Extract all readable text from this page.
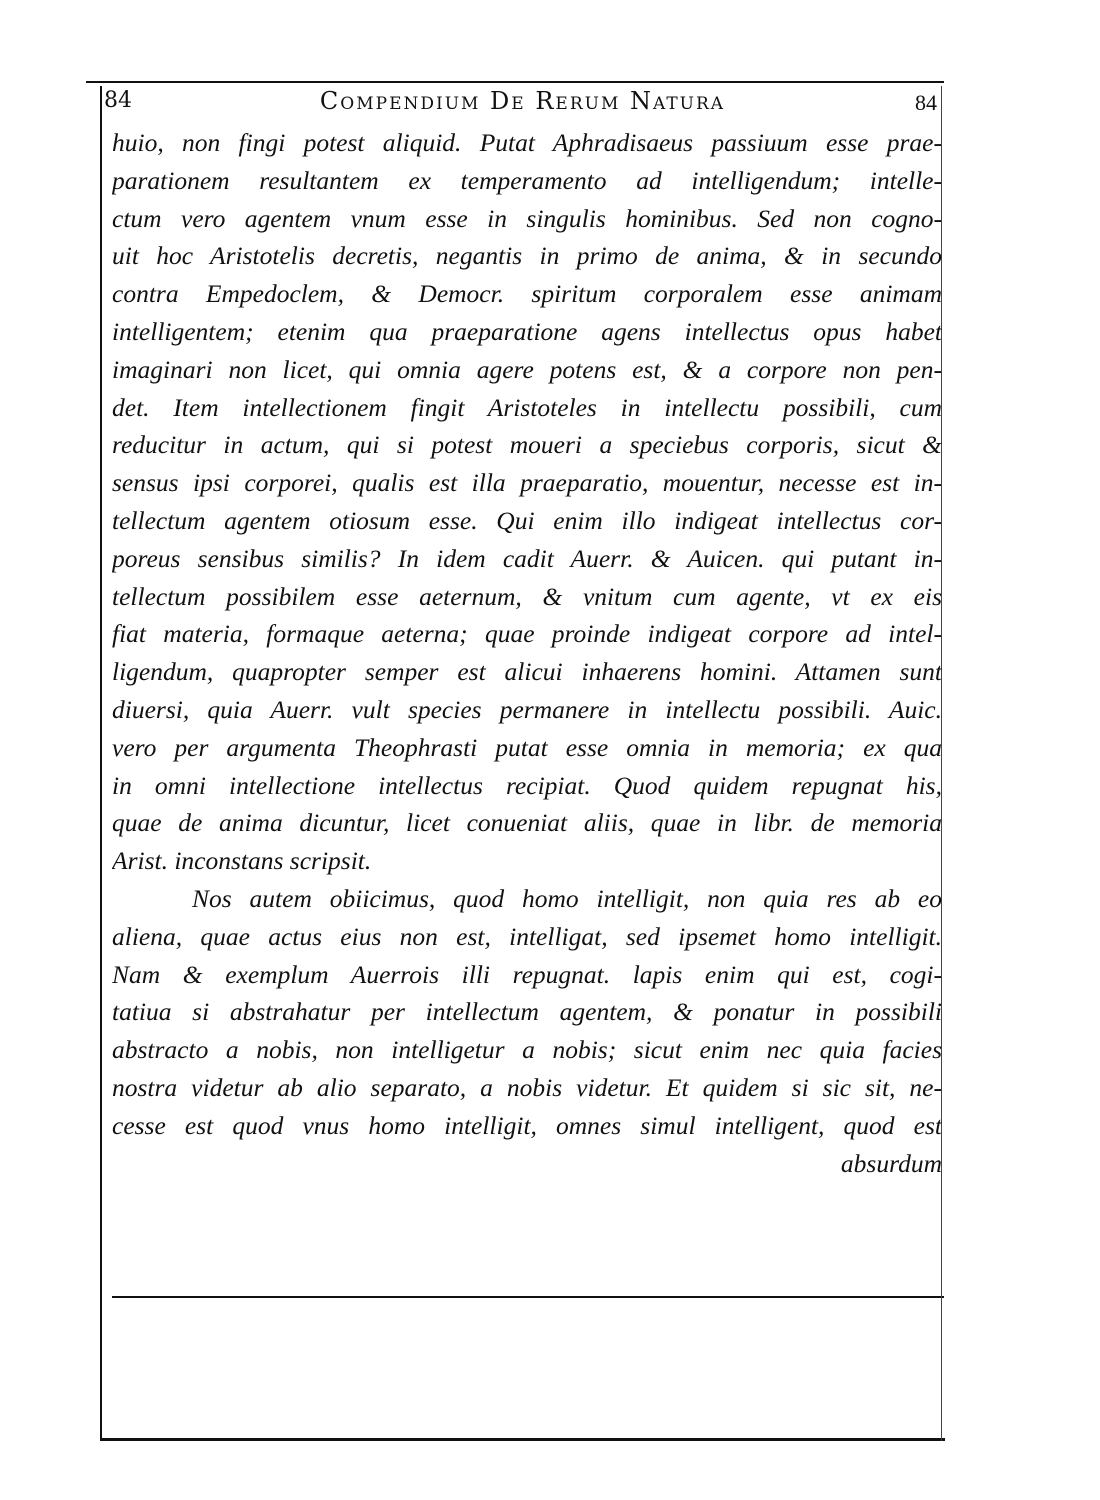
84	Compendium De Rerum Natura	84
huio, non fingi potest aliquid. Putat Aphradisaeus passiuum esse prae-
parationem resultantem ex temperamento ad intelligendum; intelle-
ctum vero agentem vnum esse in singulis hominibus. Sed non cogno-
uit hoc Aristotelis decretis, negantis in primo de anima, & in secundo
contra Empedoclem, & Democr. spiritum corporalem esse animam
intelligentem; etenim qua praeparatione agens intellectus opus habet
imaginari non licet, qui omnia agere potens est, & a corpore non pen-
det. Item intellectionem fingit Aristoteles in intellectu possibili, cum
reducitur in actum, qui si potest moueri a speciebus corporis, sicut &
sensus ipsi corporei, qualis est illa praeparatio, mouentur, necesse est in-
tellectum agentem otiosum esse. Qui enim illo indigeat intellectus cor-
poreus sensibus similis? In idem cadit Auerr. & Auicen. qui putant in-
tellectum possibilem esse aeternum, & vnitum cum agente, vt ex eis
fiat materia, formaque aeterna; quae proinde indigeat corpore ad intel-
ligendum, quapropter semper est alicui inhaerens homini. Attamen sunt
diuersi, quia Auerr. vult species permanere in intellectu possibili. Auic.
vero per argumenta Theophrasti putat esse omnia in memoria; ex qua
in omni intellectione intellectus recipiat. Quod quidem repugnat his,
quae de anima dicuntur, licet conueniat aliis, quae in libr. de memoria
Arist. inconstans scripsit.
Nos autem obiicimus, quod homo intelligit, non quia res ab eo
aliena, quae actus eius non est, intelligat, sed ipsemet homo intelligit.
Nam & exemplum Auerrois illi repugnat. lapis enim qui est, cogi-
tatiua si abstrahatur per intellectum agentem, & ponatur in possibili
abstracto a nobis, non intelligetur a nobis; sicut enim nec quia facies
nostra videtur ab alio separato, a nobis videtur. Et quidem si sic sit, ne-
cesse est quod vnus homo intelligit, omnes simul intelligent, quod est
absurdum
